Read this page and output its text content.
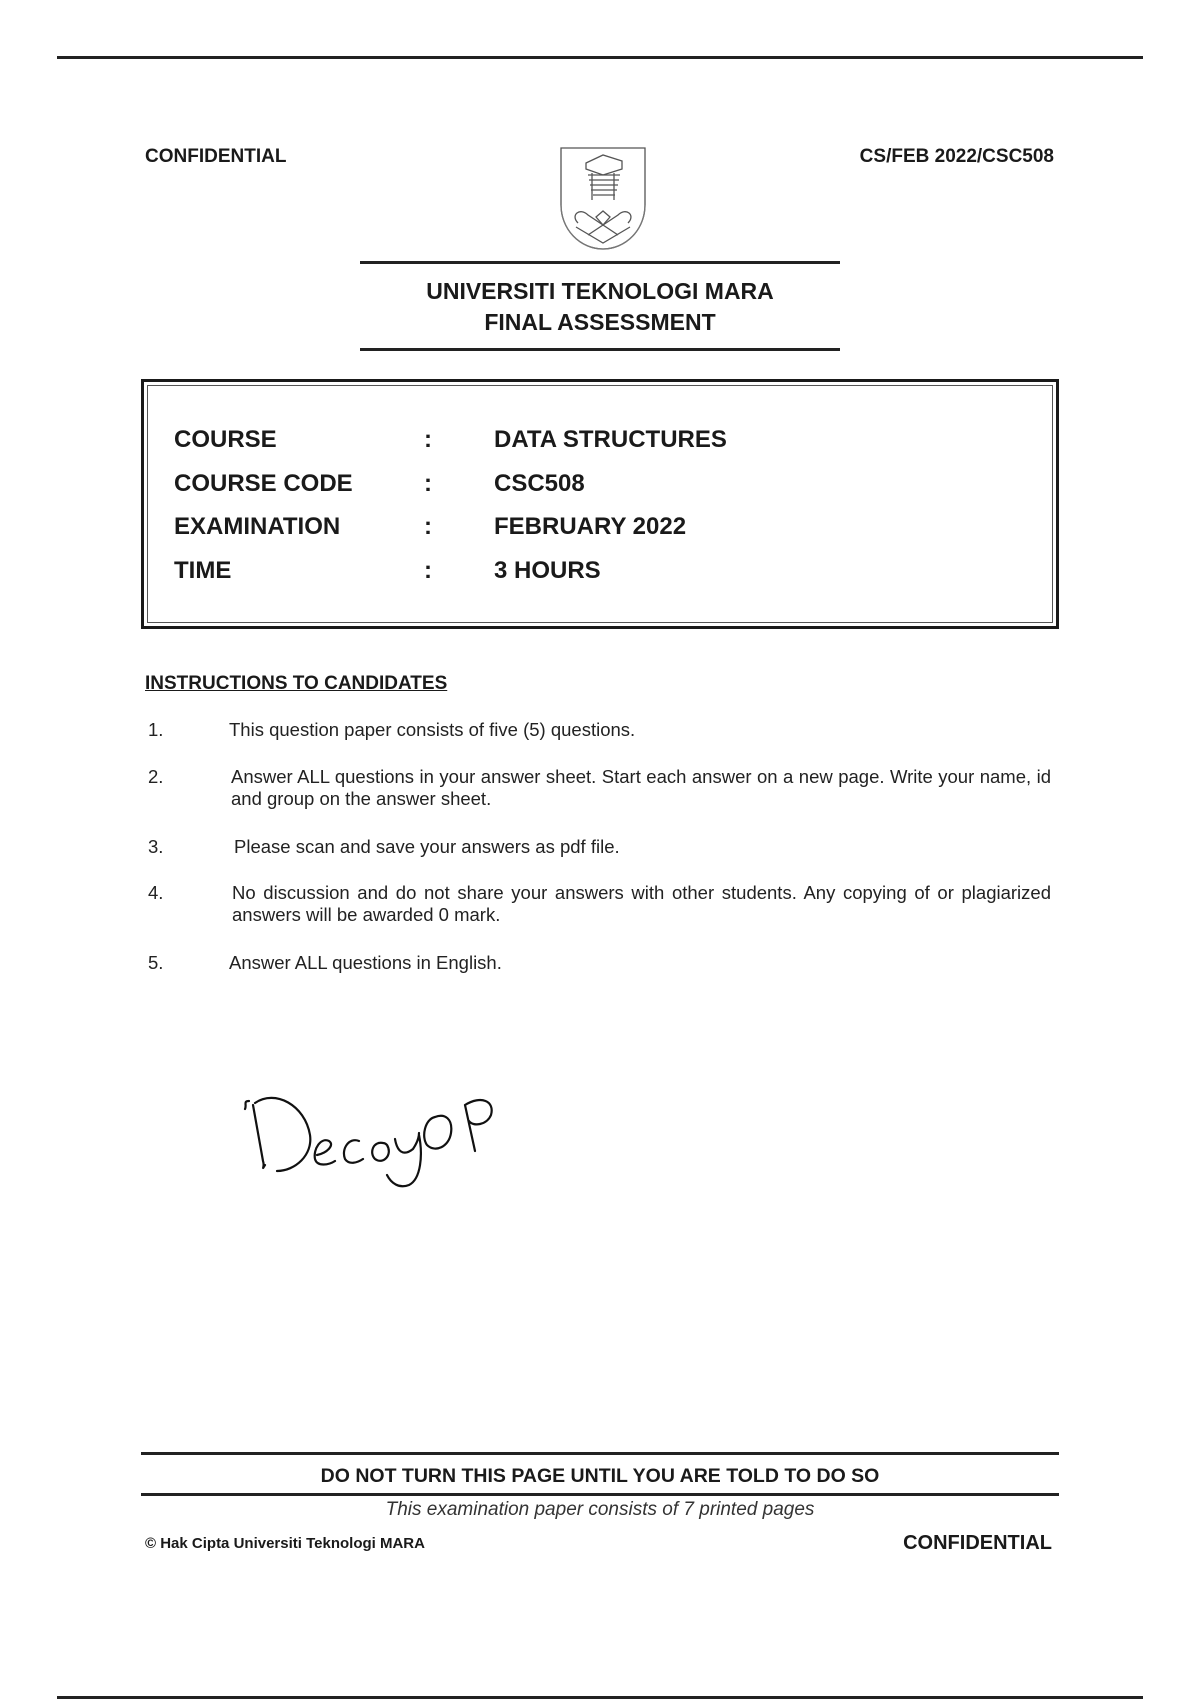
CONFIDENTIAL	CS/FEB 2022/CSC508
UNIVERSITI TEKNOLOGI MARA
FINAL ASSESSMENT
COURSE	:	DATA STRUCTURES
COURSE CODE	:	CSC508
EXAMINATION	:	FEBRUARY 2022
TIME	:	3 HOURS
INSTRUCTIONS TO CANDIDATES
1.	This question paper consists of five (5) questions.
2.	Answer ALL questions in your answer sheet. Start each answer on a new page. Write your name, id and group on the answer sheet.
3.	Please scan and save your answers as pdf file.
4.	No discussion and do not share your answers with other students. Any copying of or plagiarized answers will be awarded 0 mark.
5.	Answer ALL questions in English.
DO NOT TURN THIS PAGE UNTIL YOU ARE TOLD TO DO SO
This examination paper consists of 7 printed pages
© Hak Cipta Universiti Teknologi MARA	CONFIDENTIAL
